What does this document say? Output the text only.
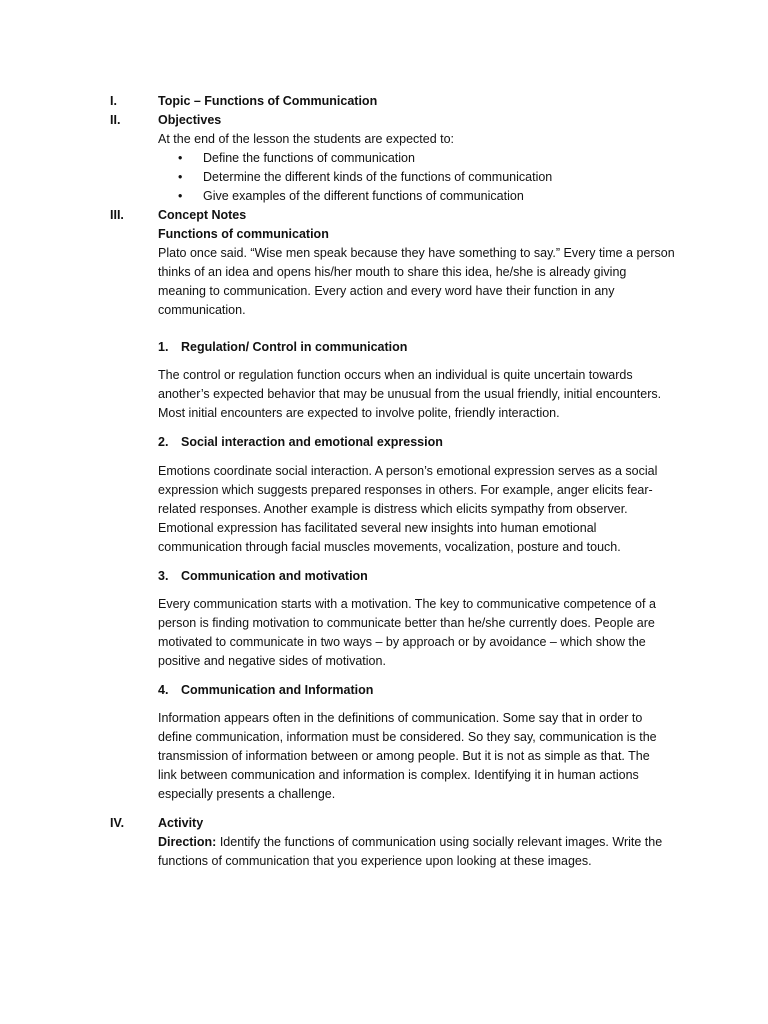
I.	Topic – Functions of Communication
II.	Objectives
At the end of the lesson the students are expected to:
• Define the functions of communication
• Determine the different kinds of the functions of communication
• Give examples of the different functions of communication
III.	Concept Notes
Functions of communication
Plato once said. “Wise men speak because they have something to say.” Every time a person
thinks of an idea and opens his/her mouth to share this idea, he/she is already giving
meaning to communication. Every action and every word have their function in any
communication.
1. Regulation/ Control in communication
The control or regulation function occurs when an individual is quite uncertain towards
another’s expected behavior that may be unusual from the usual friendly, initial encounters.
Most initial encounters are expected to involve polite, friendly interaction.
2. Social interaction and emotional expression
Emotions coordinate social interaction. A person’s emotional expression serves as a social
expression which suggests prepared responses in others. For example, anger elicits fear-
related responses. Another example is distress which elicits sympathy from observer.
Emotional expression has facilitated several new insights into human emotional
communication through facial muscles movements, vocalization, posture and touch.
3. Communication and motivation
Every communication starts with a motivation. The key to communicative competence of a
person is finding motivation to communicate better than he/she currently does. People are
motivated to communicate in two ways – by approach or by avoidance – which show the
positive and negative sides of motivation.
4. Communication and Information
Information appears often in the definitions of communication. Some say that in order to
define communication, information must be considered. So they say, communication is the
transmission of information between or among people. But it is not as simple as that. The
link between communication and information is complex. Identifying it in human actions
especially presents a challenge.
IV.	Activity
Direction: Identify the functions of communication using socially relevant images. Write the
functions of communication that you experience upon looking at these images.
